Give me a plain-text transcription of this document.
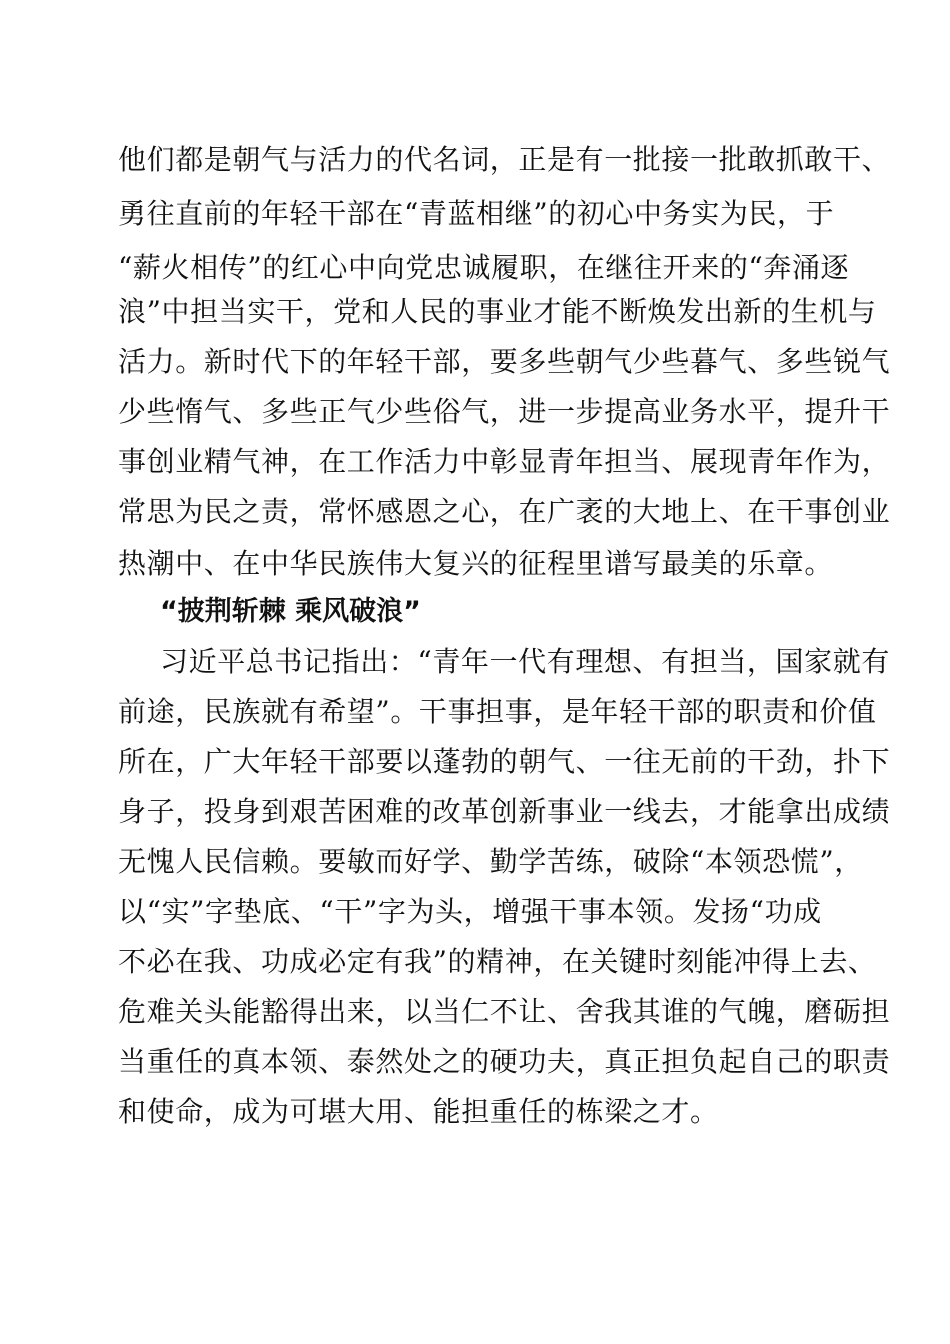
他们都是朝气与活力的代名词，正是有一批接一批敢抓敢干、
勇往直前的年轻干部在“青蓝相继”的初心中务实为民，于
“薪火相传”的红心中向党忠诚履职，在继往开来的“奔涌逐
浪”中担当实干，党和人民的事业才能不断焕发出新的生机与
活力。新时代下的年轻干部，要多些朝气少些暮气、多些锐气
少些惰气、多些正气少些俗气，进一步提高业务水平，提升干
事创业精气神，在工作活力中彰显青年担当、展现青年作为，
常思为民之责，常怀感恩之心，在广袤的大地上、在干事创业
热潮中、在中华民族伟大复兴的征程里谱写最美的乐章。
“披荆斩棘 乘风破浪”
习近平总书记指出：“青年一代有理想、有担当，国家就有
前途，民族就有希望”。干事担事，是年轻干部的职责和价值
所在，广大年轻干部要以蓬勃的朝气、一往无前的干劲，扑下
身子，投身到艰苦困难的改革创新事业一线去，才能拿出成绩
无愧人民信赖。要敏而好学、勤学苦练，破除“本领恐慌”，
以“实”字垫底、“干”字为头，增强干事本领。发扬“功成
不必在我、功成必定有我”的精神，在关键时刻能冲得上去、
危难关头能豁得出来，以当仁不让、舍我其谁的气魄，磨砺担
当重任的真本领、泰然处之的硬功夫，真正担负起自己的职责
和使命，成为可堪大用、能担重任的栋梁之才。
